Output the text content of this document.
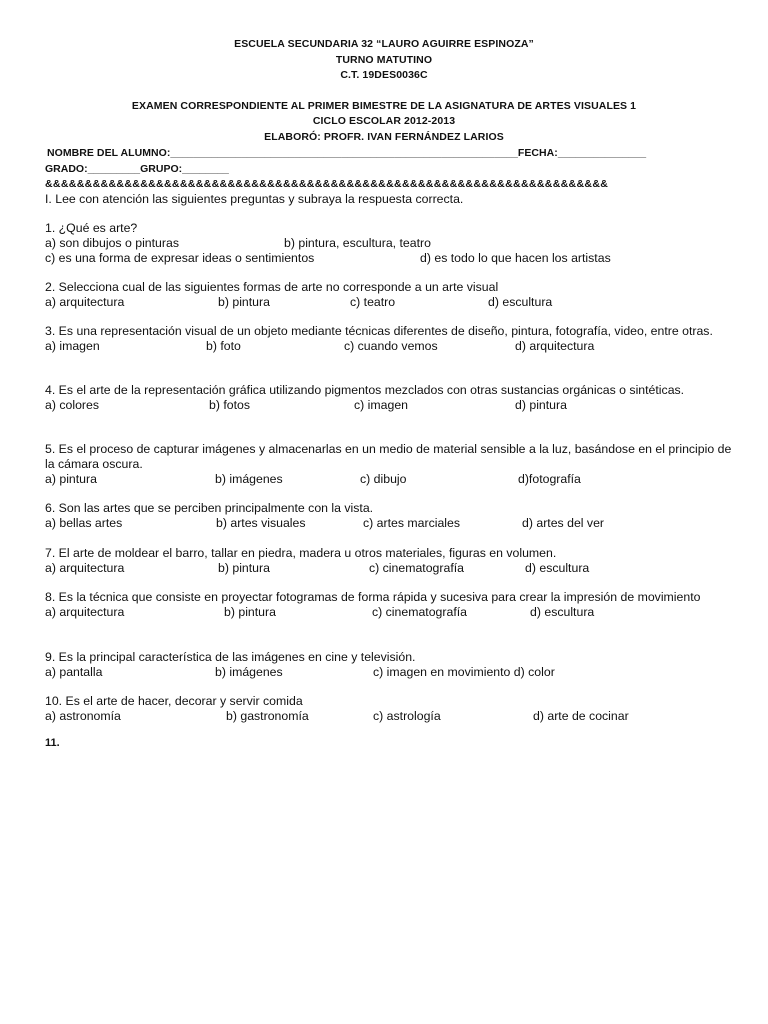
ESCUELA SECUNDARIA 32 “LAURO AGUIRRE ESPINOZA”
TURNO MATUTINO
C.T. 19DES0036C
EXAMEN CORRESPONDIENTE AL PRIMER BIMESTRE DE LA ASIGNATURA DE ARTES VISUALES 1
CICLO ESCOLAR 2012-2013
ELABORÓ: PROFR. IVAN FERNÁNDEZ LARIOS
NOMBRE DEL ALUMNO:___________________________________________________________FECHA:_______________
GRADO:_________GRUPO:________
&&&&&&&&&&&&&&&&&&&&&&&&&&&&&&&&&&&&&&&&&&&&&&&&&&&&&&&&&&&&&&&&&&&&&&&
I. Lee con atención las siguientes preguntas y subraya la respuesta correcta.
1. ¿Qué es arte?
a) son dibujos o pinturas	b) pintura, escultura, teatro
c) es una forma de expresar ideas o sentimientos	d) es todo lo que hacen los artistas
2. Selecciona cual de las siguientes formas de arte no corresponde a un arte visual
a) arquitectura	b) pintura	c) teatro	d) escultura
3. Es una representación visual de un objeto mediante técnicas diferentes de diseño, pintura, fotografía, video, entre otras.
a) imagen	b) foto	c) cuando vemos	d) arquitectura
4. Es el arte de la representación gráfica utilizando pigmentos mezclados con otras sustancias orgánicas o sintéticas.
a) colores	b) fotos	c) imagen	d) pintura
5. Es el proceso de capturar imágenes y almacenarlas en un medio de material sensible a la luz, basándose en el principio de la cámara oscura.
a) pintura	b) imágenes	c) dibujo	d)fotografía
6. Son las artes que se perciben principalmente con la vista.
a) bellas artes	b) artes visuales	c) artes marciales	d) artes del ver
7. El arte de moldear el barro, tallar en piedra, madera u otros materiales, figuras en volumen.
a) arquitectura	b) pintura	c) cinematografía	d) escultura
8. Es la técnica que consiste en proyectar fotogramas de forma rápida y sucesiva para crear la impresión de movimiento
a) arquitectura	b) pintura	c) cinematografía	d) escultura
9. Es la principal característica de las imágenes en cine y televisión.
a) pantalla	b) imágenes	c) imagen en movimiento d) color
10. Es el arte de hacer, decorar y servir comida
a) astronomía	b) gastronomía	c) astrología	d) arte de cocinar
11.
